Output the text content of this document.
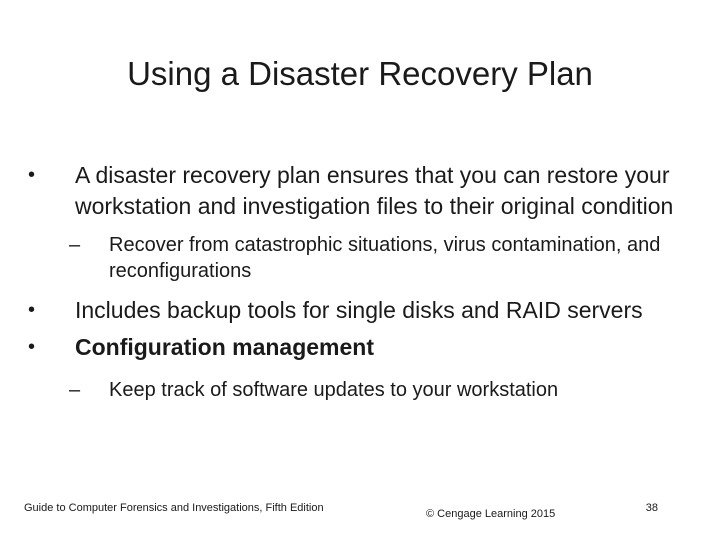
Using a Disaster Recovery Plan
•	A disaster recovery plan ensures that you can restore your workstation and investigation files to their original condition
– Recover from catastrophic situations, virus contamination, and reconfigurations
•	Includes backup tools for single disks and RAID servers
•	Configuration management
– Keep track of software updates to your workstation
Guide to Computer Forensics and Investigations, Fifth Edition	© Cengage Learning 2015	38
